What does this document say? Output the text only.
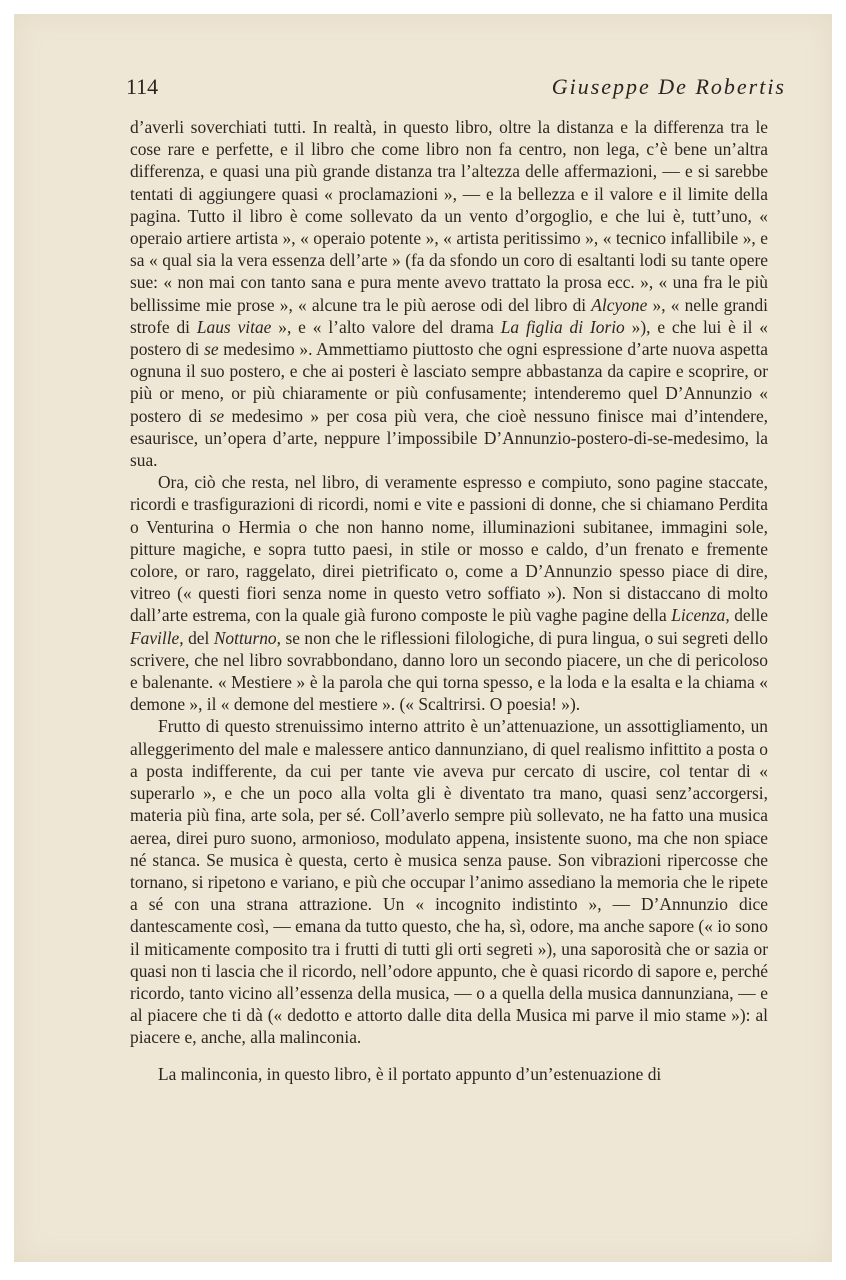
114	Giuseppe De Robertis

d’averli soverchiati tutti. In realtà, in questo libro, oltre la distanza e la differenza tra le cose rare e perfette, e il libro che come libro non fa centro, non lega, c’è bene un’altra differenza, e quasi una più grande distanza tra l’altezza delle affermazioni, — e si sarebbe tentati di aggiungere quasi « proclamazioni », — e la bellezza e il valore e il limite della pagina. Tutto il libro è come sollevato da un vento d’orgoglio, e che lui è, tutt’uno, « operaio artiere artista », « operaio potente », « artista peritissimo », « tecnico infallibile », e sa « qual sia la vera essenza dell’arte » (fa da sfondo un coro di esaltanti lodi su tante opere sue: « non mai con tanto sana e pura mente avevo trattato la prosa ecc. », « una fra le più bellissime mie prose », « alcune tra le più aerose odi del libro di Alcyone », « nelle grandi strofe di Laus vitae », e « l’alto valore del drama La figlia di Iorio »), e che lui è il « postero di se medesimo ». Ammettiamo piuttosto che ogni espressione d’arte nuova aspetta ognuna il suo postero, e che ai posteri è lasciato sempre abbastanza da capire e scoprire, or più or meno, or più chiaramente or più confusamente; intenderemo quel D’Annunzio « postero di se medesimo » per cosa più vera, che cioè nessuno finisce mai d’intendere, esaurisce, un’opera d’arte, neppure l’impossibile D’Annunzio-postero-di-se-medesimo, la sua.

Ora, ciò che resta, nel libro, di veramente espresso e compiuto, sono pagine staccate, ricordi e trasfigurazioni di ricordi, nomi e vite e passioni di donne, che si chiamano Perdita o Venturina o Hermia o che non hanno nome, illuminazioni subitanee, immagini sole, pitture magiche, e sopra tutto paesi, in stile or mosso e caldo, d’un frenato e fremente colore, or raro, raggelato, direi pietrificato o, come a D’Annunzio spesso piace di dire, vitreo (« questi fiori senza nome in questo vetro soffiato »). Non si distaccano di molto dall’arte estrema, con la quale già furono composte le più vaghe pagine della Licenza, delle Faville, del Notturno, se non che le riflessioni filologiche, di pura lingua, o sui segreti dello scrivere, che nel libro sovrabbondano, danno loro un secondo piacere, un che di pericoloso e balenante. « Mestiere » è la parola che qui torna spesso, e la loda e la esalta e la chiama « demone », il « demone del mestiere ». (« Scaltrirsi. O poesia! »).

Frutto di questo strenuissimo interno attrito è un’attenuazione, un assottigliamento, un alleggerimento del male e malessere antico dannunziano, di quel realismo infittito a posta o a posta indifferente, da cui per tante vie aveva pur cercato di uscire, col tentar di « superarlo », e che un poco alla volta gli è diventato tra mano, quasi senz’accorgersi, materia più fina, arte sola, per sé. Coll’averlo sempre più sollevato, ne ha fatto una musica aerea, direi puro suono, armonioso, modulato appena, insistente suono, ma che non spiace né stanca. Se musica è questa, certo è musica senza pause. Son vibrazioni ripercosse che tornano, si ripetono e variano, e più che occupar l’animo assediano la memoria che le ripete a sé con una strana attrazione. Un « incognito indistinto », — D’Annunzio dice dantescamente così, — emana da tutto questo, che ha, sì, odore, ma anche sapore (« io sono il miticamente composito tra i frutti di tutti gli orti segreti »), una saporosità che or sazia or quasi non ti lascia che il ricordo, nell’odore appunto, che è quasi ricordo di sapore e, perché ricordo, tanto vicino all’essenza della musica, — o a quella della musica dannunziana, — e al piacere che ti dà (« dedotto e attorto dalle dita della Musica mi parve il mio stame »): al piacere e, anche, alla malinconia.

La malinconia, in questo libro, è il portato appunto d’un’estenuazione di
